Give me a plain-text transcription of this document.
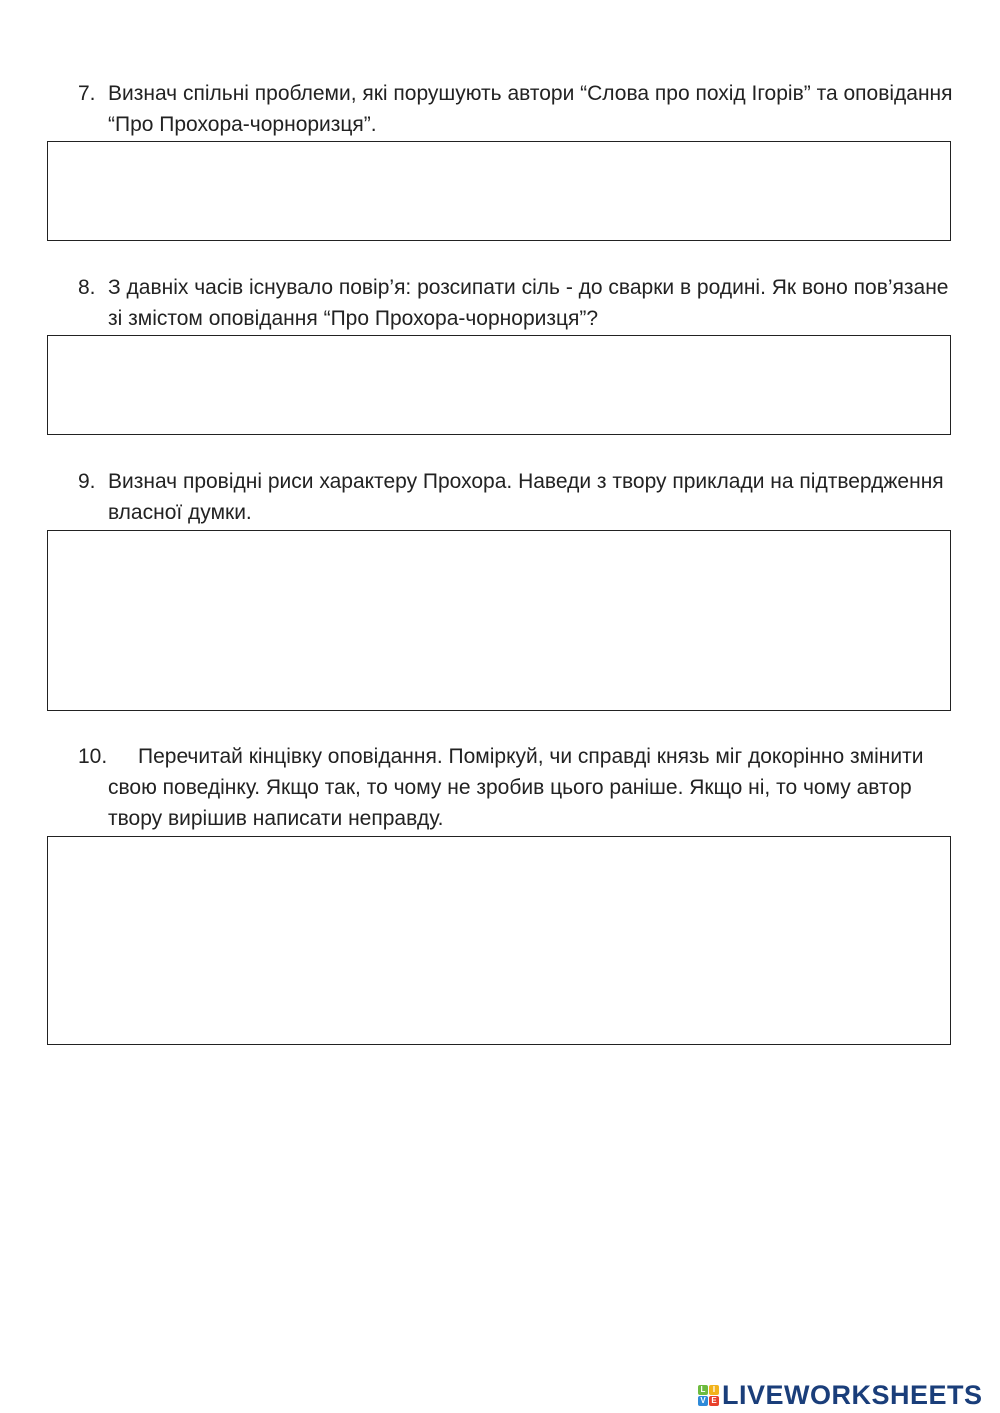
7. Визнач спільні проблеми, які порушують автори “Слова про похід Ігорів” та оповідання “Про Прохора-чорноризця”.
8. З давніх часів існувало повір’я: розсипати сіль - до сварки в родині. Як воно пов’язане зі змістом оповідання “Про Прохора-чорноризця”?
9. Визнач провідні риси характеру Прохора. Наведи з твору приклади на підтвердження власної думки.
10.	Перечитай кінцівку оповідання. Поміркуй, чи справді князь міг докорінно змінити свою поведінку. Якщо так, то чому не зробив цього раніше. Якщо ні, то чому автор твору вирішив написати неправду.
L I
V E LIVEWORKSHEETS
